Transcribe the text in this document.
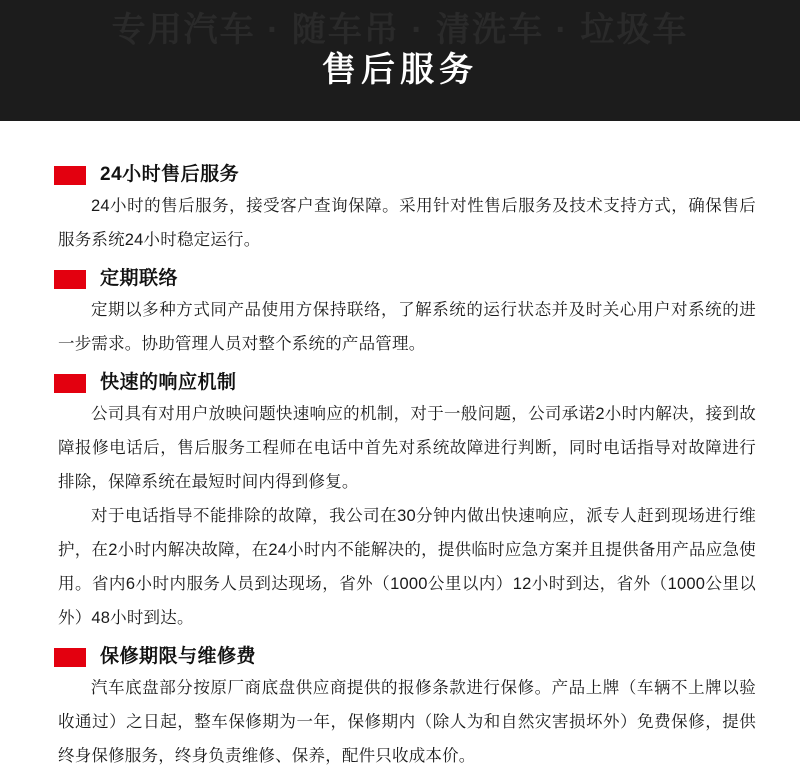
专用汽车 · 随车吊 · 清洗车 · 垃圾车
售后服务
24小时售后服务

24小时的售后服务，接受客户查询保障。采用针对性售后服务及技术支持方式，确保售后服务系统24小时稳定运行。

定期联络

定期以多种方式同产品使用方保持联络，了解系统的运行状态并及时关心用户对系统的进一步需求。协助管理人员对整个系统的产品管理。

快速的响应机制

公司具有对用户放映问题快速响应的机制，对于一般问题，公司承诺2小时内解决，接到故障报修电话后，售后服务工程师在电话中首先对系统故障进行判断，同时电话指导对故障进行排除，保障系统在最短时间内得到修复。

对于电话指导不能排除的故障，我公司在30分钟内做出快速响应，派专人赶到现场进行维护，在2小时内解决故障，在24小时内不能解决的，提供临时应急方案并且提供备用产品应急使用。省内6小时内服务人员到达现场，省外（1000公里以内）12小时到达，省外（1000公里以外）48小时到达。

保修期限与维修费

汽车底盘部分按原厂商底盘供应商提供的报修条款进行保修。产品上牌（车辆不上牌以验收通过）之日起，整车保修期为一年，保修期内（除人为和自然灾害损坏外）免费保修，提供终身保修服务，终身负责维修、保养，配件只收成本价。
